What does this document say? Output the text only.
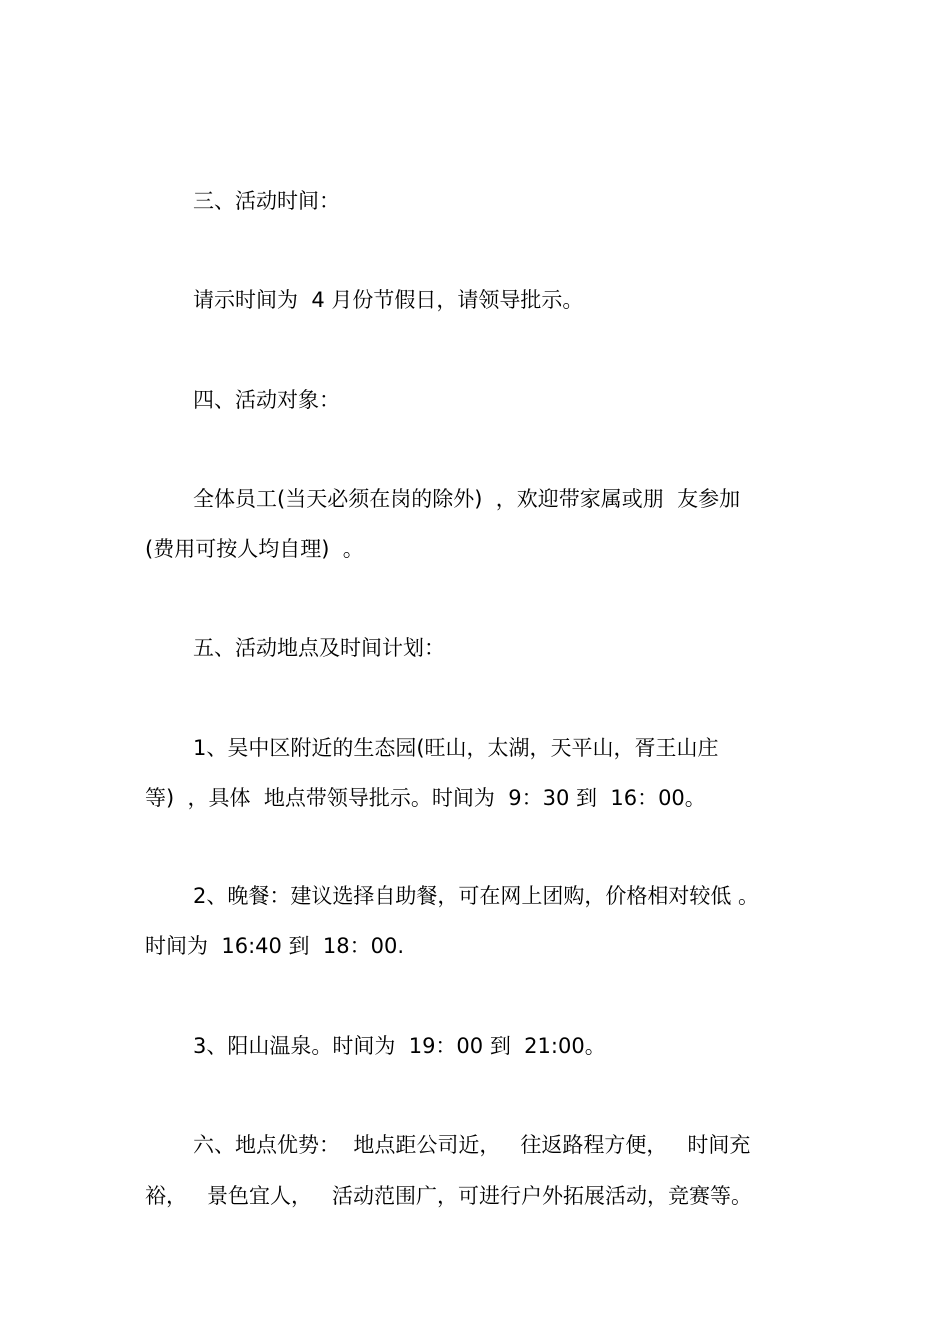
三、活动时间：
请示时间为  4 月份节假日，请领导批示。
四、活动对象：
全体员工(当天必须在岗的除外)  ，欢迎带家属或朋  友参加
(费用可按人均自理)  。
五、活动地点及时间计划：
1、吴中区附近的生态园(旺山，太湖，天平山，胥王山庄
等)  ，具体  地点带领导批示。时间为  9：30 到  16：00。
2、晚餐：建议选择自助餐，可在网上团购，价格相对较低 。
时间为  16:40 到  18：00.
3、阳山温泉。时间为  19：00 到  21:00。
六、地点优势：  地点距公司近，   往返路程方便，   时间充
裕，   景色宜人，   活动范围广，可进行户外拓展活动，竞赛等。
